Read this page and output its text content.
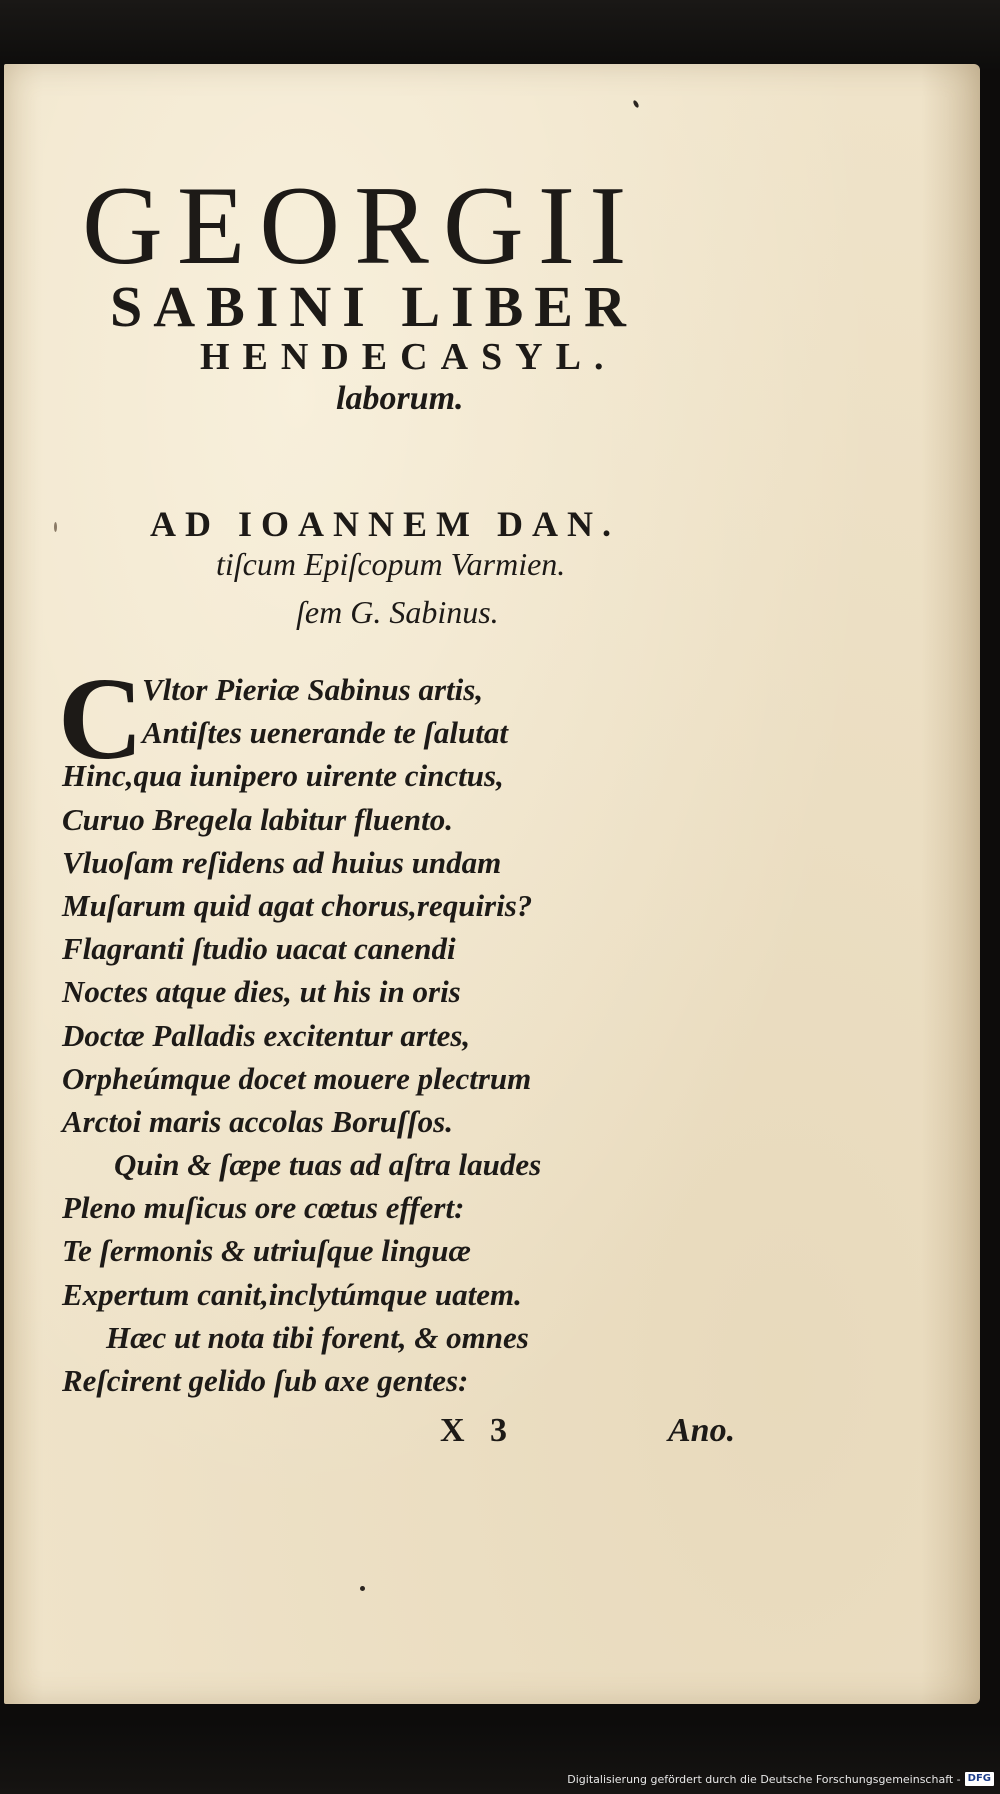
GEORGII
SABINI LIBER
HENDECASYL.
laborum.
AD IOANNEM DAN.
tiſcum Epiſcopum Varmien.
ſem G. Sabinus.
C
Vltor Pieriæ Sabinus artis,
Antiſtes uenerande te ſalutat
Hinc,qua iunipero uirente cinctus,
Curuo Bregela labitur fluento.
Vluoſam reſidens ad huius undam
Muſarum quid agat chorus,requiris?
Flagranti ſtudio uacat canendi
Noctes atque dies, ut his in oris
Doctæ Palladis excitentur artes,
Orpheúmque docet mouere plectrum
Arctoi maris accolas Boruſſos.
Quin & ſæpe tuas ad aſtra laudes
Pleno muſicus ore cœtus effert:
Te ſermonis & utriuſque linguæ
Expertum canit,inclytúmque uatem.
Hæc ut nota tibi forent, & omnes
Reſcirent gelido ſub axe gentes:
X   3	Ano.
Digitalisierung gefördert durch die Deutsche Forschungsgemeinschaft - DFG
